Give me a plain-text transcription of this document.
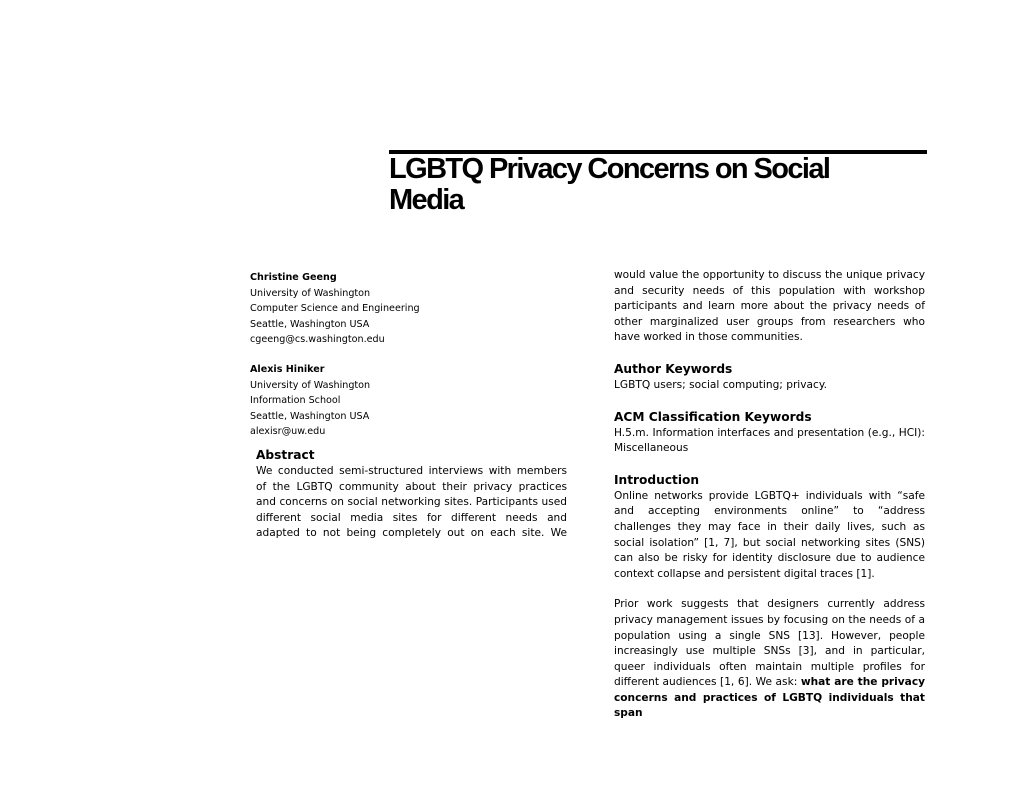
LGBTQ Privacy Concerns on Social Media
Christine Geeng
University of Washington
Computer Science and Engineering
Seattle, Washington USA
cgeeng@cs.washington.edu
Alexis Hiniker
University of Washington
Information School
Seattle, Washington USA
alexisr@uw.edu
Abstract

We conducted semi-structured interviews with members of the LGBTQ community about their privacy practices and concerns on social networking sites. Participants used different social media sites for different needs and adapted to not being completely out on each site. We

would value the opportunity to discuss the unique privacy and security needs of this population with workshop participants and learn more about the privacy needs of other marginalized user groups from researchers who have worked in those communities.

Author Keywords

LGBTQ users; social computing; privacy.

ACM Classification Keywords

H.5.m. Information interfaces and presentation (e.g., HCI): Miscellaneous

Introduction

Online networks provide LGBTQ+ individuals with “safe and accepting environments online” to “address challenges they may face in their daily lives, such as social isolation” [1, 7], but social networking sites (SNS) can also be risky for identity disclosure due to audience context collapse and persistent digital traces [1].

Prior work suggests that designers currently address privacy management issues by focusing on the needs of a population using a single SNS [13]. However, people increasingly use multiple SNSs [3], and in particular, queer individuals often maintain multiple profiles for different audiences [1, 6]. We ask: what are the privacy concerns and practices of LGBTQ individuals that span
